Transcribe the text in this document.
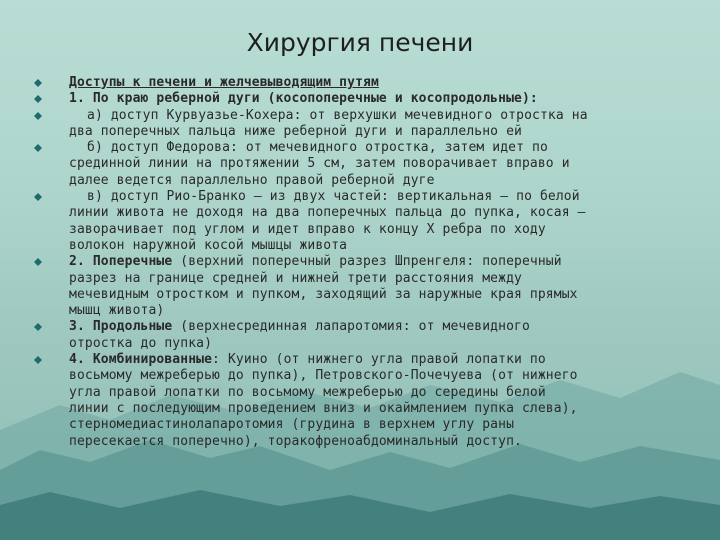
Хирургия печени
Доступы к печени и желчевыводящим путям
1. По краю реберной дуги (косопоперечные и косопродольные):
а) доступ Курвуазье-Кохера: от верхушки мечевидного отростка на
два поперечных пальца ниже реберной дуги и параллельно ей
б) доступ Федорова: от мечевидного отростка, затем идет по
срединной линии на протяжении 5 см, затем поворачивает вправо и
далее ведется параллельно правой реберной дуге
в) доступ Рио-Бранко – из двух частей: вертикальная – по белой
линии живота не доходя на два поперечных пальца до пупка, косая –
заворачивает под углом и идет вправо к концу X ребра по ходу
волокон наружной косой мышцы живота
2. Поперечные (верхний поперечный разрез Шпренгеля: поперечный
разрез на границе средней и нижней трети расстояния между
мечевидным отростком и пупком, заходящий за наружные края прямых
мышц живота)
3. Продольные (верхнесрединная лапаротомия: от мечевидного
отростка до пупка)
4. Комбинированные: Куино (от нижнего угла правой лопатки по
восьмому межреберью до пупка), Петровского-Почечуева (от нижнего
угла правой лопатки по восьмому межреберью до середины белой
линии с последующим проведением вниз и окаймлением пупка слева),
стерномедиастинолапаротомия (грудина в верхнем углу раны
пересекается поперечно), торакофреноабдоминальный доступ.
